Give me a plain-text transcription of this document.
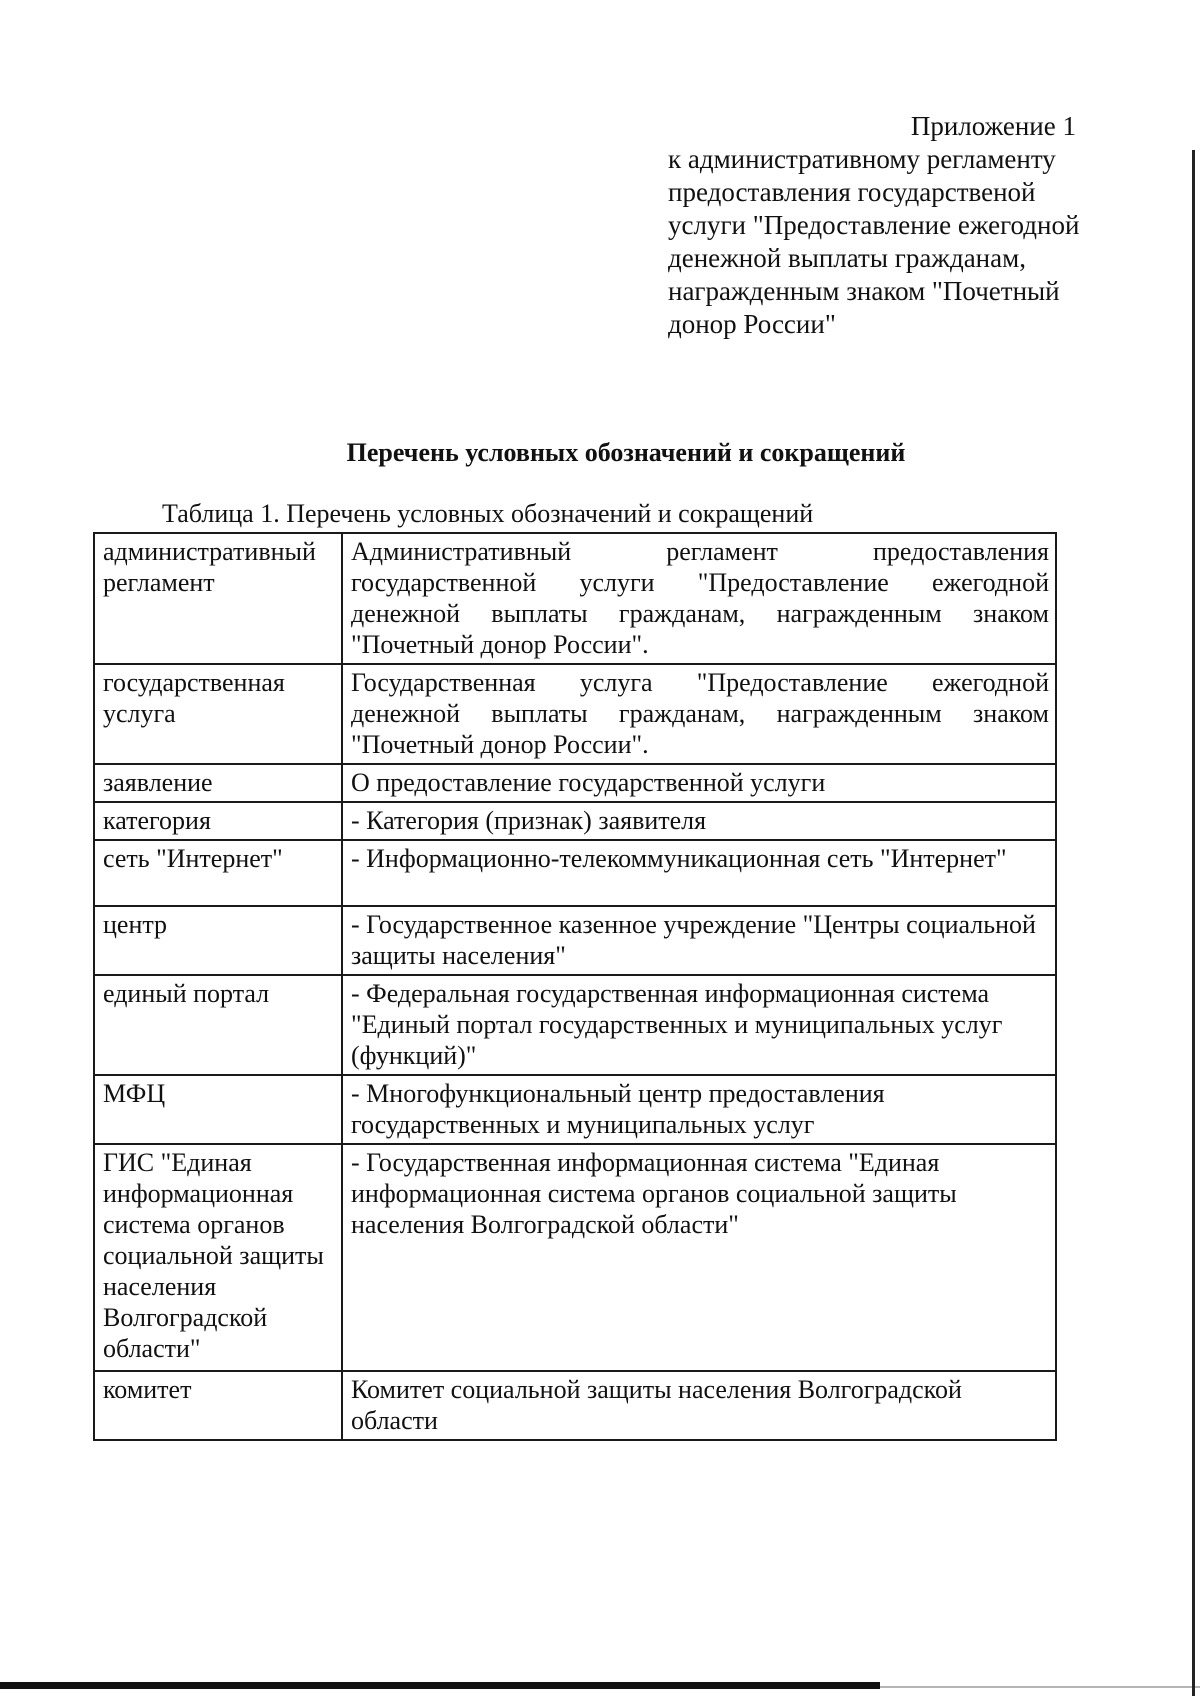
Приложение 1
к административному регламенту
предоставления государственой
услуги "Предоставление ежегодной
денежной выплаты гражданам,
награжденным знаком "Почетный
донор России"
Перечень условных обозначений и сокращений
Таблица 1. Перечень условных обозначений и сокращений
административный регламент	Административный регламент предоставления государственной услуги "Предоставление ежегодной денежной выплаты гражданам, награжденным знаком "Почетный донор России".
государственная услуга	Государственная услуга "Предоставление ежегодной денежной выплаты гражданам, награжденным знаком "Почетный донор России".
заявление	О предоставление государственной услуги
категория	- Категория (признак) заявителя
сеть "Интернет"	- Информационно-телекоммуникационная сеть "Интернет"
центр	- Государственное казенное учреждение "Центры социальной защиты населения"
единый портал	- Федеральная государственная информационная система "Единый портал государственных и муниципальных услуг (функций)"
МФЦ	- Многофункциональный центр предоставления государственных и муниципальных услуг
ГИС "Единая информационная система органов социальной защиты населения Волгоградской области"	- Государственная информационная система "Единая информационная система органов социальной защиты населения Волгоградской области"
комитет	Комитет социальной защиты населения Волгоградской области
